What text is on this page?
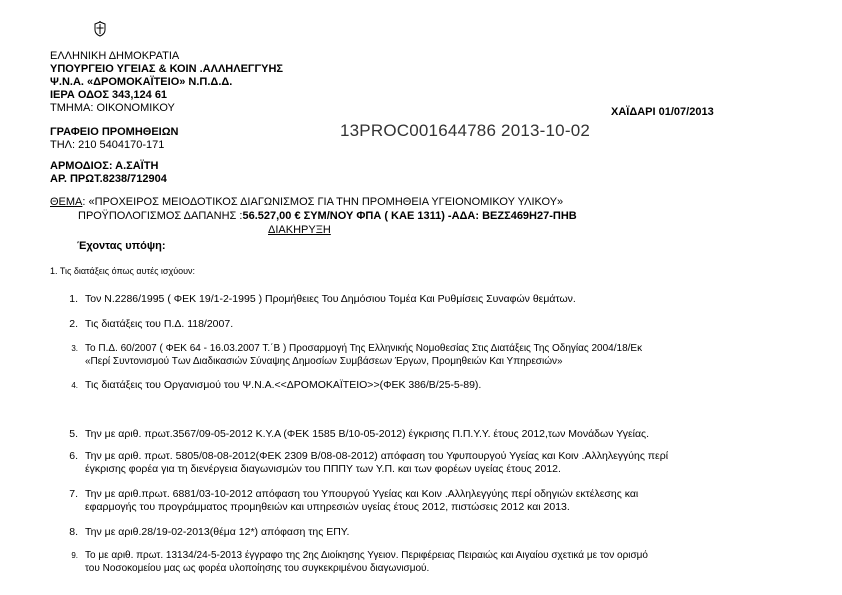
ΕΛΛΗΝΙΚΗ ΔΗΜΟΚΡΑΤΙΑ
ΥΠΟΥΡΓΕΙΟ ΥΓΕΙΑΣ & ΚΟΙΝ .ΑΛΛΗΛΕΓΓΥΗΣ
Ψ.Ν.Α. «ΔΡΟΜΟΚΑΪΤΕΙΟ» Ν.Π.Δ.Δ.
ΙΕΡΑ ΟΔΟΣ 343,124 61
ΤΜΗΜΑ: ΟΙΚΟΝΟΜΙΚΟΥ	ΧΑΪΔΑΡΙ 01/07/2013
ΓΡΑΦΕΙΟ ΠΡΟΜΗΘΕΙΩΝ
ΤΗΛ: 210 5404170-171
13PROC001644786 2013-10-02
ΑΡΜΟΔΙΟΣ: Α.ΣΑΪΤΗ
ΑΡ. ΠΡΩΤ.8238/712904
ΘΕΜΑ: «ΠΡΟΧΕΙΡΟΣ ΜΕΙΟΔΟΤΙΚΟΣ ΔΙΑΓΩΝΙΣΜΟΣ ΓΙΑ ΤΗΝ ΠΡΟΜΗΘΕΙΑ ΥΓΕΙΟΝΟΜΙΚΟΥ ΥΛΙΚΟΥ»
ΠΡΟΫΠΟΛΟΓΙΣΜΟΣ ΔΑΠΑΝΗΣ :56.527,00 € ΣΥΜ/ΝΟΥ ΦΠΑ ( ΚΑΕ 1311) -ΑΔΑ: ΒΕΖΣ469Η27-ΠΗΒ
ΔΙΑΚΗΡΥΞΗ
Έχοντας υπόψη:
1. Τις διατάξεις όπως αυτές ισχύουν:
1. Τον Ν.2286/1995 ( ΦΕΚ 19/1-2-1995 ) Προμήθειες Του Δημόσιου Τομέα Και Ρυθμίσεις Συναφών θεμάτων.
2. Τις διατάξεις του Π.Δ. 118/2007.
3. Το Π.Δ. 60/2007 ( ΦΕΚ 64 - 16.03.2007 Τ.΄Β ) Προσαρμογή Της Ελληνικής Νομοθεσίας Στις Διατάξεις Της Οδηγίας 2004/18/Εκ
«Περί Συντονισμού Των Διαδικασιών Σύναψης Δημοσίων Συμβάσεων Έργων, Προμηθειών Και Υπηρεσιών»
4. Τις διατάξεις του Οργανισμού του Ψ.Ν.Α.<<ΔΡΟΜΟΚΑΪΤΕΙΟ>>(ΦΕΚ 386/Β/25-5-89).
5. Την με αριθ. πρωτ.3567/09-05-2012 Κ.Υ.Α (ΦΕΚ 1585 Β/10-05-2012) έγκρισης Π.Π.Υ.Υ. έτους 2012,των Μονάδων Υγείας.
6. Την με αριθ. πρωτ. 5805/08-08-2012(ΦΕΚ 2309 Β/08-08-2012) απόφαση του Υφυπουργού Υγείας και Κοιν .Αλληλεγγύης περί
έγκρισης φορέα για τη διενέργεια διαγωνισμών του ΠΠΠΥ των Υ.Π. και των φορέων υγείας έτους 2012.
7. Την με αριθ.πρωτ. 6881/03-10-2012 απόφαση του Υπουργού Υγείας και Κοιν .Αλληλεγγύης περί οδηγιών εκτέλεσης και
εφαρμογής του προγράμματος προμηθειών και υπηρεσιών υγείας έτους 2012, πιστώσεις 2012 και 2013.
8. Την με αριθ.28/19-02-2013(θέμα 12*) απόφαση της ΕΠΥ.
9. Το με αριθ. πρωτ. 13134/24-5-2013 έγγραφο της 2ης Διοίκησης Υγειον. Περιφέρειας Πειραιώς και Αιγαίου σχετικά με τον ορισμό
του Νοσοκομείου μας ως φορέα υλοποίησης του συγκεκριμένου διαγωνισμού.
